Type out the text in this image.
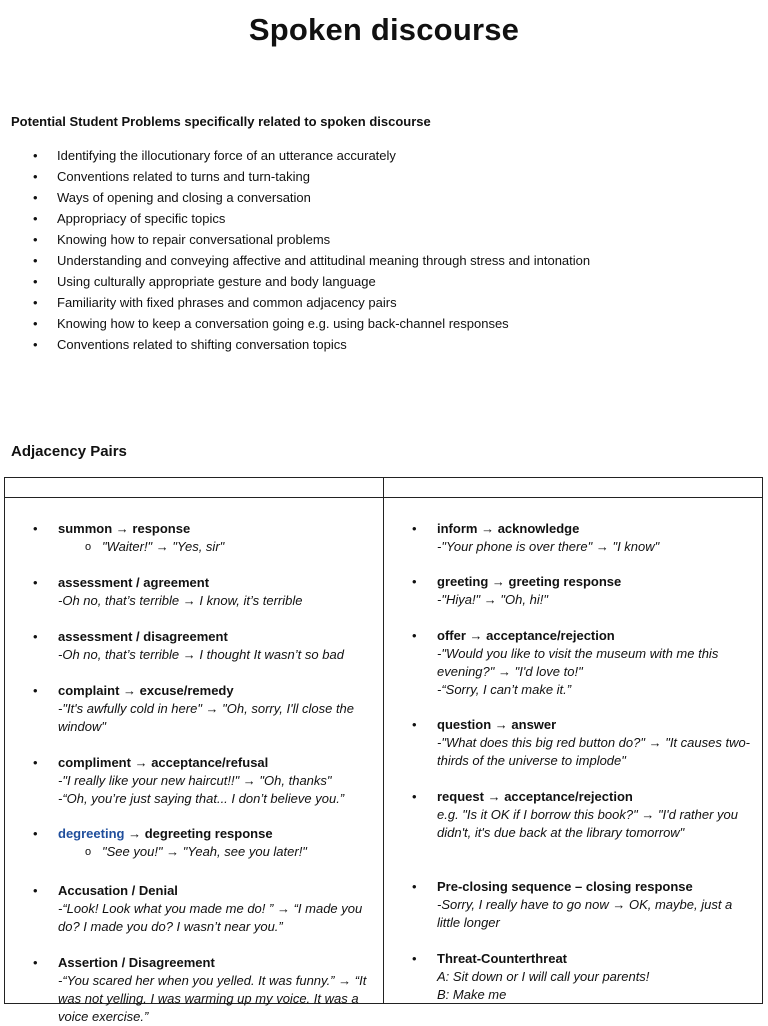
Spoken discourse
Potential Student Problems specifically related to spoken discourse
• Identifying the illocutionary force of an utterance accurately
• Conventions related to turns and turn-taking
• Ways of opening and closing a conversation
• Appropriacy of specific topics
• Knowing how to repair conversational problems
• Understanding and conveying affective and attitudinal meaning through stress and intonation
• Using culturally appropriate gesture and body language
• Familiarity with fixed phrases and common adjacency pairs
• Knowing how to keep a conversation going e.g. using back-channel responses
• Conventions related to shifting conversation topics
Adjacency Pairs
•	summon → response
o "Waiter!" → "Yes, sir"
•	assessment / agreement
-Oh no, that’s terrible → I know, it’s terrible
•	assessment / disagreement
-Oh no, that’s terrible → I thought It wasn’t so bad
•	complaint → excuse/remedy
-"It's awfully cold in here" → "Oh, sorry, I'll close the window"
•	compliment → acceptance/refusal
-"I really like your new haircut!!" → "Oh, thanks"
-“Oh, you’re just saying that... I don’t believe you.”
•	degreeting → degreeting response
o "See you!" → "Yeah, see you later!"
•	Accusation / Denial
-“Look! Look what you made me do! ” → “I made you do? I made you do? I wasn’t near you.”
•	Assertion / Disagreement
-“You scared her when you yelled. It was funny.” → “It was not yelling. I was warming up my voice. It was a voice exercise.”
•	inform → acknowledge
-"Your phone is over there" → "I know"
•	greeting → greeting response
-"Hiya!" → "Oh, hi!"
•	offer → acceptance/rejection
-"Would you like to visit the museum with me this evening?" → "I'd love to!"
-“Sorry, I can’t make it.”
•	question → answer
-"What does this big red button do?" → "It causes two-thirds of the universe to implode"
•	request → acceptance/rejection
e.g. "Is it OK if I borrow this book?" → "I'd rather you didn't, it's due back at the library tomorrow"
•	Pre-closing sequence – closing response
-Sorry, I really have to go now → OK, maybe, just a little longer
•	Threat-Counterthreat
A: Sit down or I will call your parents!
B: Make me
